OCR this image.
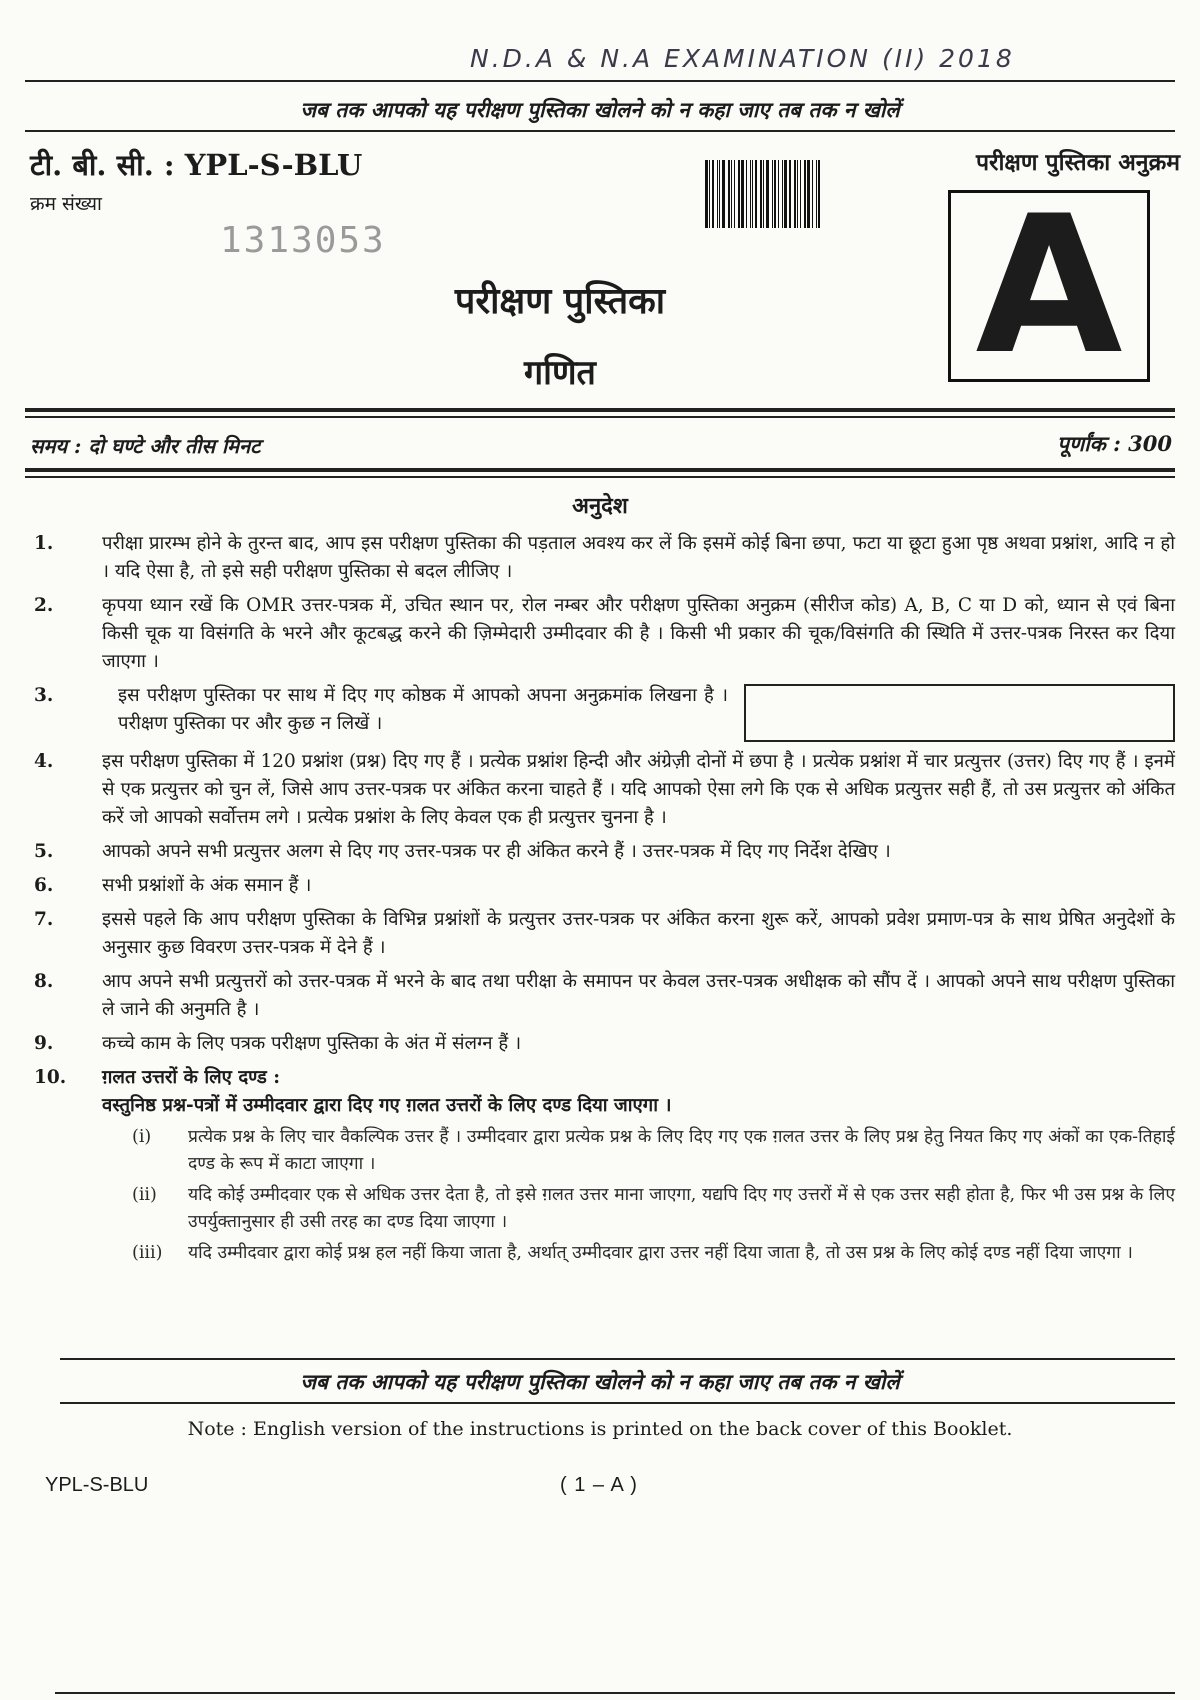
N.D.A & N.A EXAMINATION (II) 2018
जब तक आपको यह परीक्षण पुस्तिका खोलने को न कहा जाए तब तक न खोलें
टी. बी. सी. : YPL-S-BLU
क्रम संख्या
1313053
परीक्षण पुस्तिका अनुक्रम
A
परीक्षण पुस्तिका
गणित
समय : दो घण्टे और तीस मिनट	पूर्णांक : 300
अनुदेश
1.	परीक्षा प्रारम्भ होने के तुरन्त बाद, आप इस परीक्षण पुस्तिका की पड़ताल अवश्य कर लें कि इसमें कोई बिना छपा, फटा या छूटा हुआ पृष्ठ अथवा प्रश्नांश, आदि न हो । यदि ऐसा है, तो इसे सही परीक्षण पुस्तिका से बदल लीजिए ।
2.	कृपया ध्यान रखें कि OMR उत्तर-पत्रक में, उचित स्थान पर, रोल नम्बर और परीक्षण पुस्तिका अनुक्रम (सीरीज कोड) A, B, C या D को, ध्यान से एवं बिना किसी चूक या विसंगति के भरने और कूटबद्ध करने की ज़िम्मेदारी उम्मीदवार की है । किसी भी प्रकार की चूक/विसंगति की स्थिति में उत्तर-पत्रक निरस्त कर दिया जाएगा ।
3.	इस परीक्षण पुस्तिका पर साथ में दिए गए कोष्ठक में आपको अपना अनुक्रमांक लिखना है । परीक्षण पुस्तिका पर और कुछ न लिखें ।
4.	इस परीक्षण पुस्तिका में 120 प्रश्नांश (प्रश्न) दिए गए हैं । प्रत्येक प्रश्नांश हिन्दी और अंग्रेज़ी दोनों में छपा है । प्रत्येक प्रश्नांश में चार प्रत्युत्तर (उत्तर) दिए गए हैं । इनमें से एक प्रत्युत्तर को चुन लें, जिसे आप उत्तर-पत्रक पर अंकित करना चाहते हैं । यदि आपको ऐसा लगे कि एक से अधिक प्रत्युत्तर सही हैं, तो उस प्रत्युत्तर को अंकित करें जो आपको सर्वोत्तम लगे । प्रत्येक प्रश्नांश के लिए केवल एक ही प्रत्युत्तर चुनना है ।
5.	आपको अपने सभी प्रत्युत्तर अलग से दिए गए उत्तर-पत्रक पर ही अंकित करने हैं । उत्तर-पत्रक में दिए गए निर्देश देखिए ।
6.	सभी प्रश्नांशों के अंक समान हैं ।
7.	इससे पहले कि आप परीक्षण पुस्तिका के विभिन्न प्रश्नांशों के प्रत्युत्तर उत्तर-पत्रक पर अंकित करना शुरू करें, आपको प्रवेश प्रमाण-पत्र के साथ प्रेषित अनुदेशों के अनुसार कुछ विवरण उत्तर-पत्रक में देने हैं ।
8.	आप अपने सभी प्रत्युत्तरों को उत्तर-पत्रक में भरने के बाद तथा परीक्षा के समापन पर केवल उत्तर-पत्रक अधीक्षक को सौंप दें । आपको अपने साथ परीक्षण पुस्तिका ले जाने की अनुमति है ।
9.	कच्चे काम के लिए पत्रक परीक्षण पुस्तिका के अंत में संलग्न हैं ।
10.	ग़लत उत्तरों के लिए दण्ड :
वस्तुनिष्ठ प्रश्न-पत्रों में उम्मीदवार द्वारा दिए गए ग़लत उत्तरों के लिए दण्ड दिया जाएगा ।
(i)	प्रत्येक प्रश्न के लिए चार वैकल्पिक उत्तर हैं । उम्मीदवार द्वारा प्रत्येक प्रश्न के लिए दिए गए एक ग़लत उत्तर के लिए प्रश्न हेतु नियत किए गए अंकों का एक-तिहाई दण्ड के रूप में काटा जाएगा ।
(ii)	यदि कोई उम्मीदवार एक से अधिक उत्तर देता है, तो इसे ग़लत उत्तर माना जाएगा, यद्यपि दिए गए उत्तरों में से एक उत्तर सही होता है, फिर भी उस प्रश्न के लिए उपर्युक्तानुसार ही उसी तरह का दण्ड दिया जाएगा ।
(iii)	यदि उम्मीदवार द्वारा कोई प्रश्न हल नहीं किया जाता है, अर्थात् उम्मीदवार द्वारा उत्तर नहीं दिया जाता है, तो उस प्रश्न के लिए कोई दण्ड नहीं दिया जाएगा ।
जब तक आपको यह परीक्षण पुस्तिका खोलने को न कहा जाए तब तक न खोलें
Note : English version of the instructions is printed on the back cover of this Booklet.
YPL-S-BLU	( 1 – A )
